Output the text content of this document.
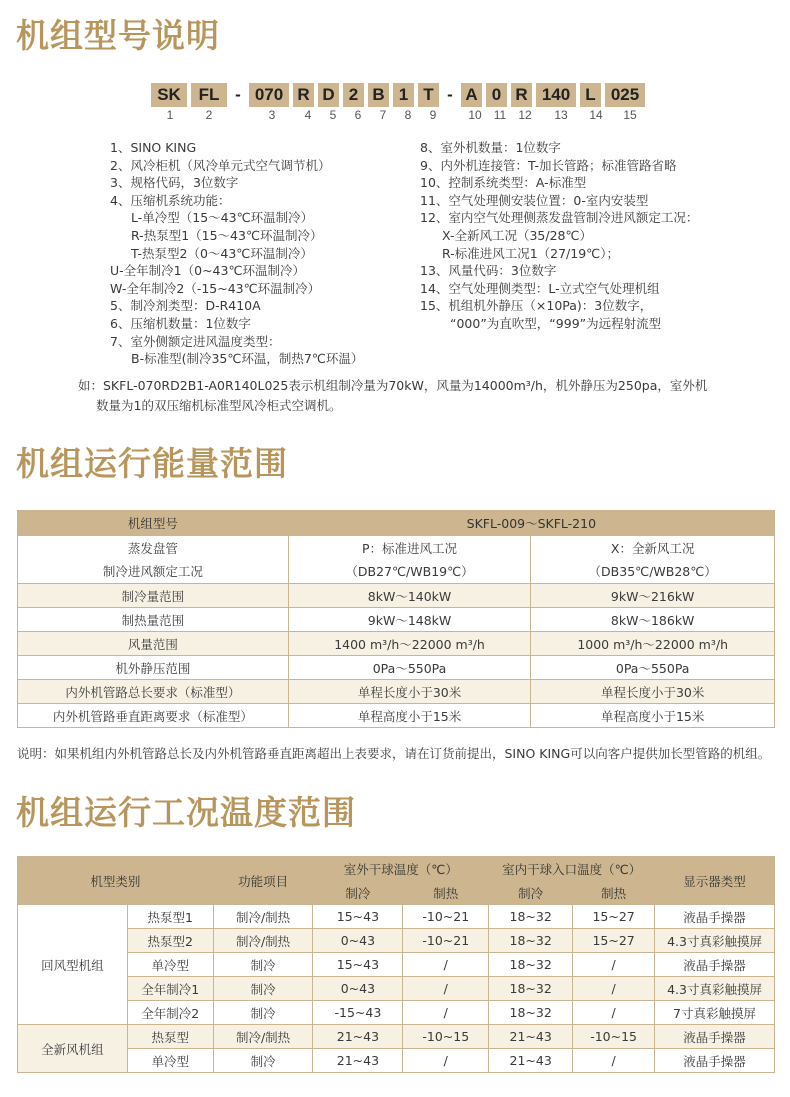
机组型号说明
SK	FL - 070 R D 2 B 1 T - A 0 R 140 L 025
1	2	3	4	5	6	7	8	9	10 11 12 13 14 15
1、SINO KING
2、风冷柜机（风冷单元式空气调节机）
3、规格代码，3位数字
4、压缩机系统功能：
L-单冷型（15～43℃环温制冷）
R-热泵型1（15～43℃环温制冷）
T-热泵型2（0～43℃环温制冷）
U-全年制冷1（0~43℃环温制冷）
W-全年制冷2（-15~43℃环温制冷）
5、制冷剂类型：D-R410A
6、压缩机数量：1位数字
7、室外侧额定进风温度类型：
B-标准型(制冷35℃环温，制热7℃环温）
8、室外机数量：1位数字
9、内外机连接管：T-加长管路；标准管路省略
10、控制系统类型：A-标准型
11、空气处理侧安装位置：0-室内安装型
12、室内空气处理侧蒸发盘管制冷进风额定工况：
X-全新风工况（35/28℃）
R-标准进风工况1（27/19℃）；
13、风量代码：3位数字
14、空气处理侧类型：L-立式空气处理机组
15、机组机外静压（×10Pa)：3位数字，
“000”为直吹型，“999”为远程射流型
如：SKFL-070RD2B1-A0R140L025表示机组制冷量为70kW，风量为14000m³/h，机外静压为250pa，室外机
数量为1的双压缩机标准型风冷柜式空调机。
机组运行能量范围
机组型号	SKFL-009～SKFL-210	
蒸发盘管	P：标准进风工况	X：全新风工况
制冷进风额定工况	（DB27℃/WB19℃）	（DB35℃/WB28℃）
制冷量范围	8kW～140kW	9kW～216kW
制热量范围	9kW～148kW	8kW～186kW
风量范围	1400 m³/h～22000 m³/h	1000 m³/h～22000 m³/h
机外静压范围	0Pa～550Pa	0Pa～550Pa
内外机管路总长要求（标准型）	单程长度小于30米	单程长度小于30米
内外机管路垂直距离要求（标准型）	单程高度小于15米	单程高度小于15米
说明：如果机组内外机管路总长及内外机管路垂直距离超出上表要求，请在订货前提出，SINO KING可以向客户提供加长型管路的机组。
机组运行工况温度范围
机型类别		功能项目	室外干球温度（℃）		室内干球入口温度（℃）		显示器类型
			制冷	制热	制冷	制热	
回风型机组	热泵型1	制冷/制热	15~43	-10~21	18~32	15~27	液晶手操器
	热泵型2	制冷/制热	0~43	-10~21	18~32	15~27	4.3寸真彩触摸屏
	单冷型	制冷	15~43	/	18~32	/	液晶手操器
	全年制冷1	制冷	0~43	/	18~32	/	4.3寸真彩触摸屏
	全年制冷2	制冷	-15~43	/	18~32	/	7寸真彩触摸屏
全新风机组	热泵型	制冷/制热	21~43	-10~15	21~43	-10~15	液晶手操器
	单冷型	制冷	21~43	/	21~43	/	液晶手操器
